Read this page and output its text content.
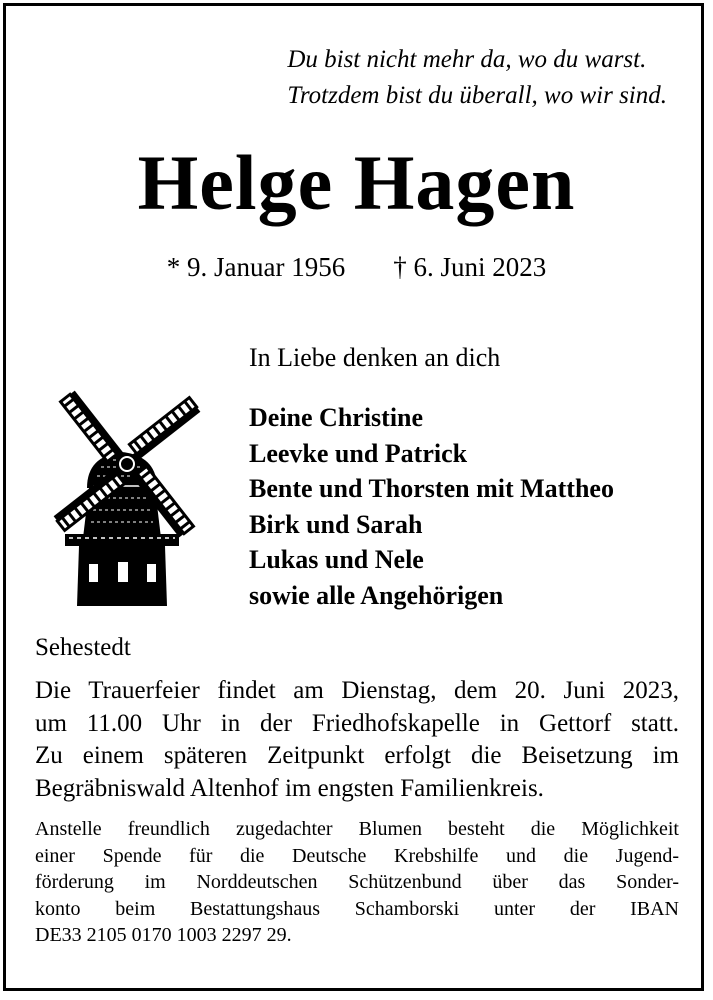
Du bist nicht mehr da, wo du warst.
Trotzdem bist du überall, wo wir sind.
Helge Hagen
* 9. Januar 1956 † 6. Juni 2023
In Liebe denken an dich
Deine Christine
Leevke und Patrick
Bente und Thorsten mit Mattheo
Birk und Sarah
Lukas und Nele
sowie alle Angehörigen
Sehestedt
Die Trauerfeier findet am Dienstag, dem 20. Juni 2023,
um 11.00 Uhr in der Friedhofskapelle in Gettorf statt.
Zu einem späteren Zeitpunkt erfolgt die Beisetzung im
Begräbniswald Altenhof im engsten Familienkreis.
Anstelle freundlich zugedachter Blumen besteht die Möglichkeit
einer Spende für die Deutsche Krebshilfe und die Jugend-
förderung im Norddeutschen Schützenbund über das Sonder-
konto beim Bestattungshaus Schamborski unter der IBAN
DE33 2105 0170 1003 2297 29.
